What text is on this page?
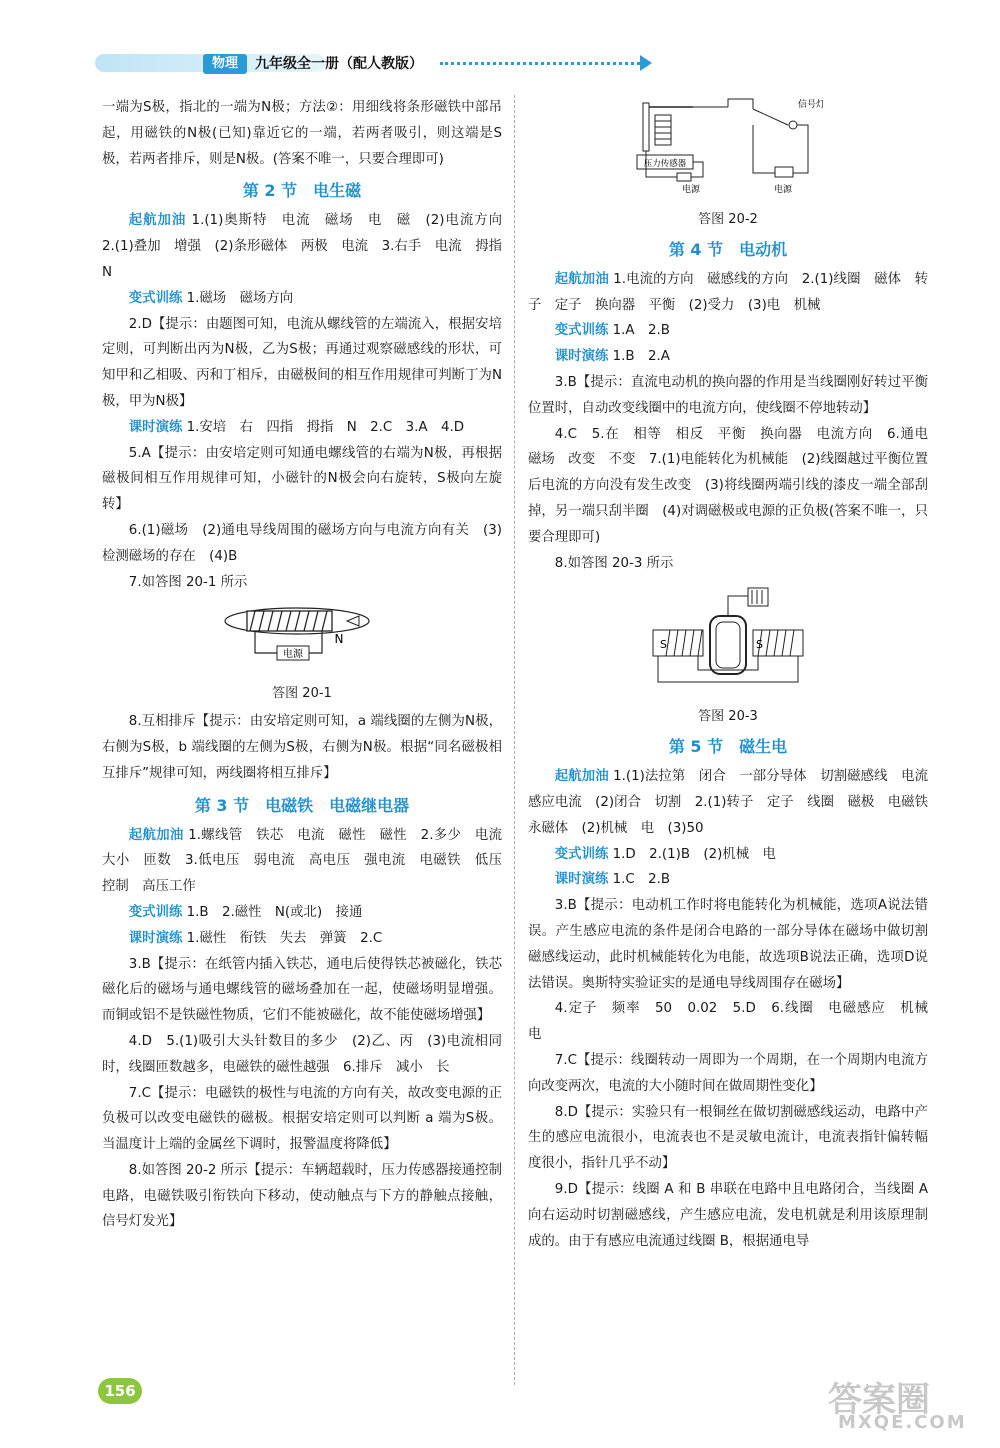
物理	九年级全一册（配人教版）

一端为S极，指北的一端为N极；方法②：用细线将条形磁铁中部吊起，用磁铁的N极(已知)靠近它的一端，若两者吸引，则这端是S极，若两者排斥，则是N极。(答案不唯一，只要合理即可)

第 2 节　电生磁

起航加油 1.(1)奥斯特　电流　磁场　电　磁　(2)电流方向　2.(1)叠加　增强　(2)条形磁体　两极　电流　3.右手　电流　拇指　N

变式训练 1.磁场　磁场方向

2.D【提示：由题图可知，电流从螺线管的左端流入，根据安培定则，可判断出丙为N极，乙为S极；再通过观察磁感线的形状，可知甲和乙相吸、丙和丁相斥，由磁极间的相互作用规律可判断丁为N极，甲为N极】

课时演练 1.安培　右　四指　拇指　N　2.C　3.A　4.D

5.A【提示：由安培定则可知通电螺线管的右端为N极，再根据磁极间相互作用规律可知，小磁针的N极会向右旋转，S极向左旋转】

6.(1)磁场　(2)通电导线周围的磁场方向与电流方向有关　(3)检测磁场的存在　(4)B

7.如答图 20-1 所示

电源
N
答图 20-1

8.互相排斥【提示：由安培定则可知，a 端线圈的左侧为N极，右侧为S极，b 端线圈的左侧为S极，右侧为N极。根据“同名磁极相互排斥”规律可知，两线圈将相互排斥】

第 3 节　电磁铁　电磁继电器

起航加油 1.螺线管　铁芯　电流　磁性　磁性　2.多少　电流大小　匝数　3.低电压　弱电流　高电压　强电流　电磁铁　低压控制　高压工作

变式训练 1.B　2.磁性　N(或北)　接通

课时演练 1.磁性　衔铁　失去　弹簧　2.C

3.B【提示：在纸管内插入铁芯，通电后使得铁芯被磁化，铁芯磁化后的磁场与通电螺线管的磁场叠加在一起，使磁场明显增强。而铜或铝不是铁磁性物质，它们不能被磁化，故不能使磁场增强】

4.D　5.(1)吸引大头针数目的多少　(2)乙、丙　(3)电流相同时，线圈匝数越多，电磁铁的磁性越强　6.排斥　减小　长

7.C【提示：电磁铁的极性与电流的方向有关，故改变电源的正负极可以改变电磁铁的磁极。根据安培定则可以判断 a 端为S极。当温度计上端的金属丝下调时，报警温度将降低】

8.如答图 20-2 所示【提示：车辆超载时，压力传感器接通控制电路，电磁铁吸引衔铁向下移动，使动触点与下方的静触点接触，信号灯发光】

信号灯
压力传感器
电源	电源
答图 20-2
第 4 节　电动机

起航加油 1.电流的方向　磁感线的方向　2.(1)线圈　磁体　转子　定子　换向器　平衡　(2)受力　(3)电　机械

变式训练 1.A　2.B

课时演练 1.B　2.A

3.B【提示：直流电动机的换向器的作用是当线圈刚好转过平衡位置时，自动改变线圈中的电流方向，使线圈不停地转动】

4.C　5.在　相等　相反　平衡　换向器　电流方向　6.通电　磁场　改变　不变　7.(1)电能转化为机械能　(2)线圈越过平衡位置后电流的方向没有发生改变　(3)将线圈两端引线的漆皮一端全部刮掉，另一端只刮半圈　(4)对调磁极或电源的正负极(答案不唯一，只要合理即可)

8.如答图 20-3 所示

S	S
答图 20-3
第 5 节　磁生电

起航加油 1.(1)法拉第　闭合　一部分导体　切割磁感线　电流　感应电流　(2)闭合　切割　2.(1)转子　定子　线圈　磁极　电磁铁　永磁体　(2)机械　电　(3)50

变式训练 1.D　2.(1)B　(2)机械　电

课时演练 1.C　2.B

3.B【提示：电动机工作时将电能转化为机械能，选项A说法错误。产生感应电流的条件是闭合电路的一部分导体在磁场中做切割磁感线运动，此时机械能转化为电能，故选项B说法正确，选项D说法错误。奥斯特实验证实的是通电导线周围存在磁场】

4.定子　频率　50　0.02　5.D　6.线圈　电磁感应　机械　电

7.C【提示：线圈转动一周即为一个周期，在一个周期内电流方向改变两次，电流的大小随时间在做周期性变化】

8.D【提示：实验只有一根铜丝在做切割磁感线运动，电路中产生的感应电流很小，电流表也不是灵敏电流计，电流表指针偏转幅度很小，指针几乎不动】

9.D【提示：线圈 A 和 B 串联在电路中且电路闭合，当线圈 A 向右运动时切割磁感线，产生感应电流，发电机就是利用该原理制成的。由于有感应电流通过线圈 B，根据通电导

156	答案圈
MXQE.COM
